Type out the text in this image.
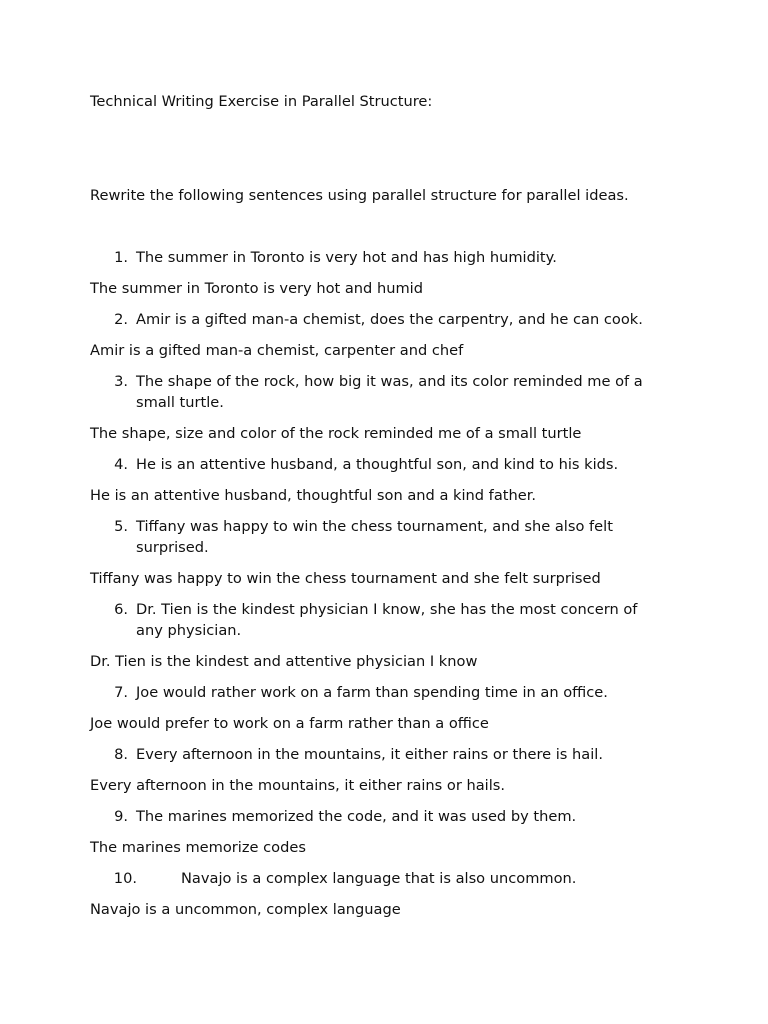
Technical Writing Exercise in Parallel Structure:
Rewrite the following sentences using parallel structure for parallel ideas.
1. The summer in Toronto is very hot and has high humidity.
The summer in Toronto is very hot and humid
2. Amir is a gifted man-a chemist, does the carpentry, and he can cook.
Amir is a gifted man-a chemist, carpenter and chef
3. The shape of the rock, how big it was, and its color reminded me of a small turtle.
The shape, size and color of the rock reminded me of a small turtle
4. He is an attentive husband, a thoughtful son, and kind to his kids.
He is an attentive husband, thoughtful son and a kind father.
5. Tiffany was happy to win the chess tournament, and she also felt surprised.
Tiffany was happy to win the chess tournament and she felt surprised
6. Dr. Tien is the kindest physician I know, she has the most concern of any physician.
Dr. Tien is the kindest and attentive physician I know
7. Joe would rather work on a farm than spending time in an office.
Joe would prefer to work on a farm rather than a office
8. Every afternoon in the mountains, it either rains or there is hail.
Every afternoon in the mountains, it either rains or hails.
9. The marines memorized the code, and it was used by them.
The marines memorize codes
10.	Navajo is a complex language that is also uncommon.
Navajo is a uncommon, complex language
